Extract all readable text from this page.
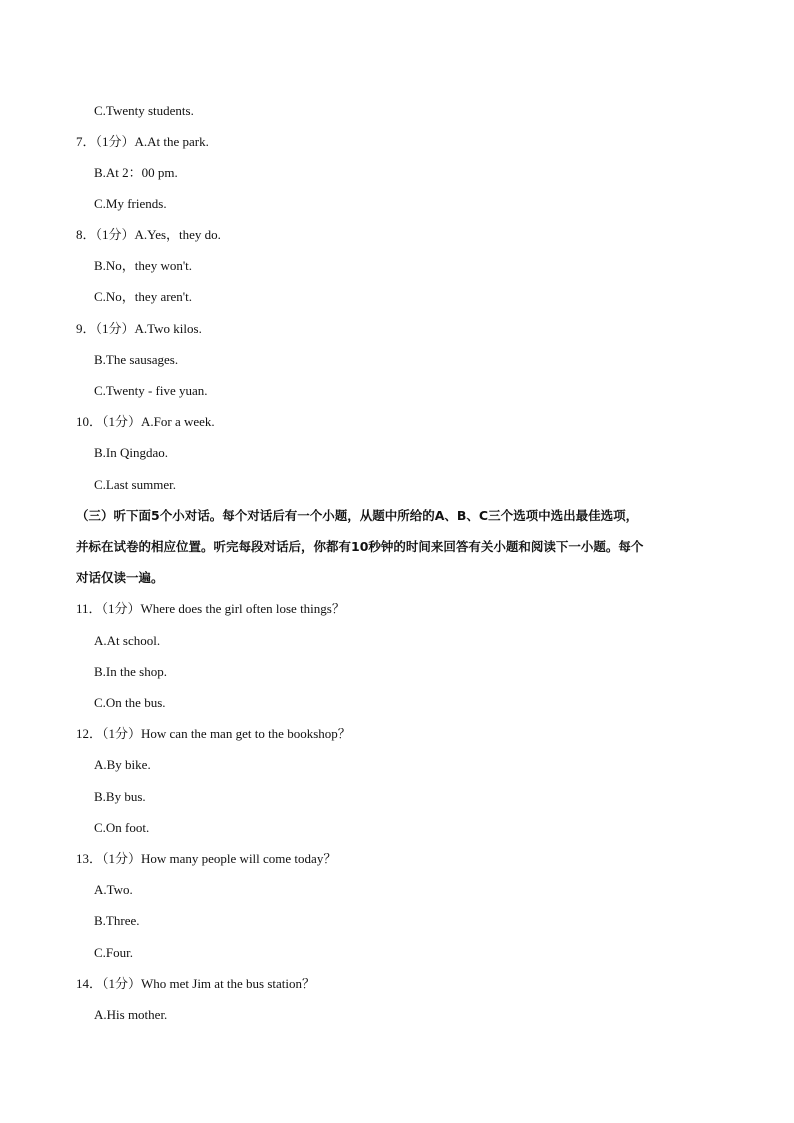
C.Twenty students.
7．（1分）A.At the park.
B.At 2：00 pm.
C.My friends.
8．（1分）A.Yes，they do.
B.No，they won't.
C.No，they aren't.
9．（1分）A.Two kilos.
B.The sausages.
C.Twenty - five yuan.
10．（1分）A.For a week.
B.In Qingdao.
C.Last summer.
（三）听下面5个小对话。每个对话后有一个小题，从题中所给的A、B、C三个选项中选出最佳选项，
并标在试卷的相应位置。听完每段对话后，你都有10秒钟的时间来回答有关小题和阅读下一小题。每个
对话仅读一遍。
11．（1分）Where does the girl often lose things？
A.At school.
B.In the shop.
C.On the bus.
12．（1分）How can the man get to the bookshop？
A.By bike.
B.By bus.
C.On foot.
13．（1分）How many people will come today？
A.Two.
B.Three.
C.Four.
14．（1分）Who met Jim at the bus station？
A.His mother.
